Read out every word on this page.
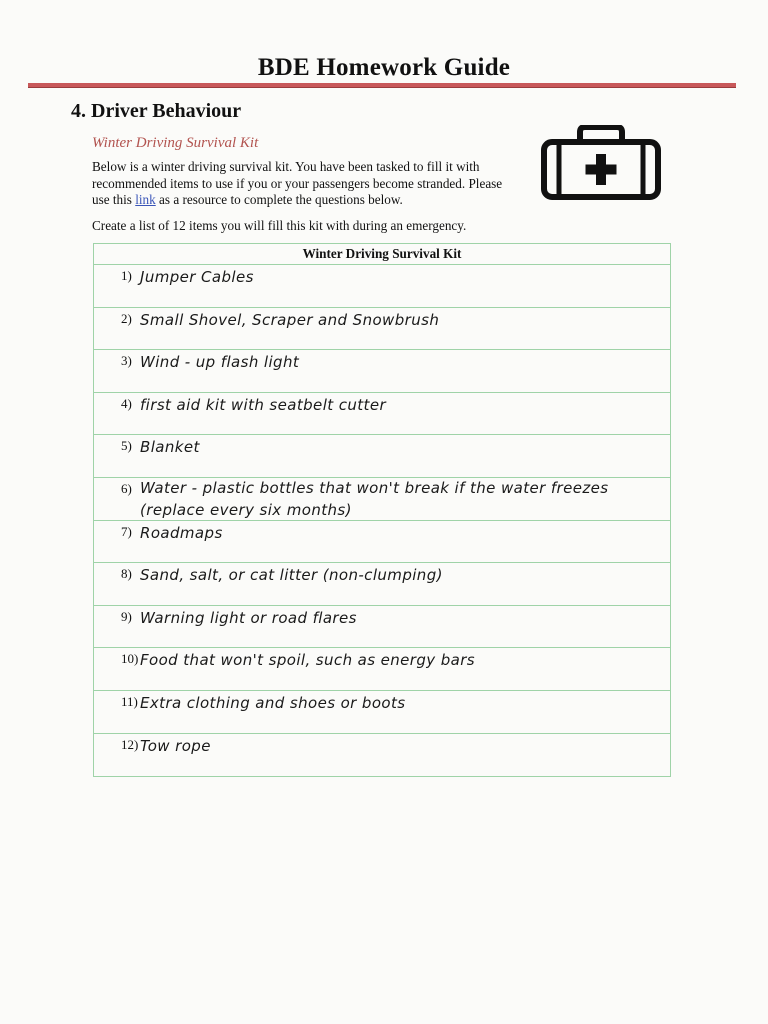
BDE Homework Guide
4. Driver Behaviour
Winter Driving Survival Kit
Below is a winter driving survival kit. You have been tasked to fill it with recommended items to use if you or your passengers become stranded. Please use this link as a resource to complete the questions below.
Create a list of 12 items you will fill this kit with during an emergency.
Winter Driving Survival Kit
1) Jumper Cables
2) Small Shovel, Scraper and Snowbrush
3) Wind - up flash light
4) first aid kit with seatbelt cutter
5) Blanket
6) Water - plastic bottles that won't break if the water freezes (replace every six months)
7) Roadmaps
8) Sand, salt, or cat litter (non-clumping)
9) Warning light or road flares
10) Food that won't spoil, such as energy bars
11) Extra clothing and shoes or boots
12) Tow rope
